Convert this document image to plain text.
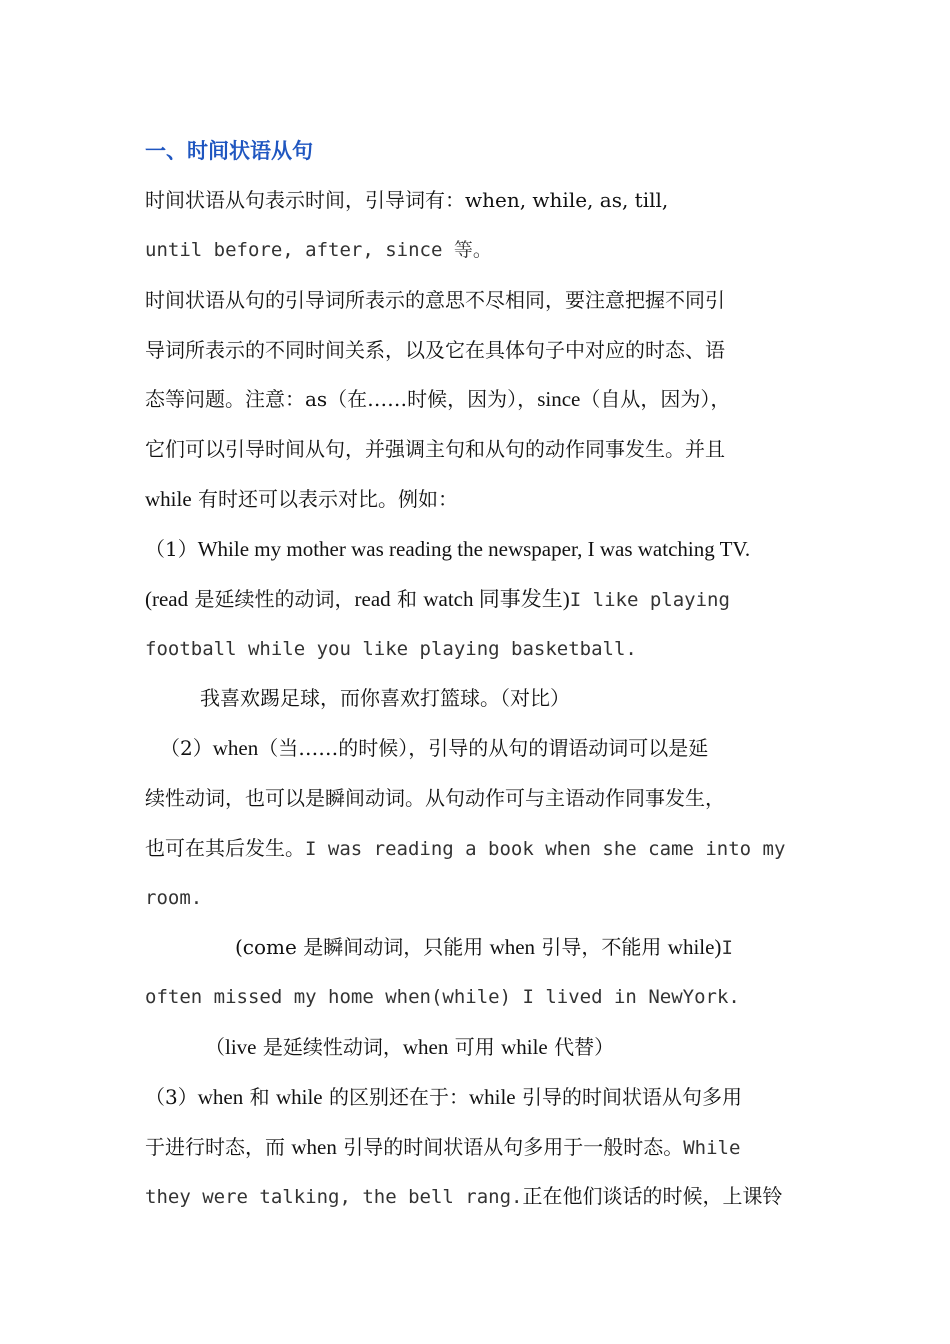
一、时间状语从句
时间状语从句表示时间，引导词有：when, while, as, till,
until before, after, since 等。
时间状语从句的引导词所表示的意思不尽相同，要注意把握不同引
导词所表示的不同时间关系，以及它在具体句子中对应的时态、语
态等问题。注意：as（在……时候，因为），since（自从，因为），
它们可以引导时间从句，并强调主句和从句的动作同事发生。并且
while 有时还可以表示对比。例如：
（1）While my mother was reading the newspaper, I was watching TV.
(read 是延续性的动词，read 和 watch 同事发生)I like playing
football while you like playing basketball.
我喜欢踢足球，而你喜欢打篮球。（对比）
（2）when（当……的时候），引导的从句的谓语动词可以是延
续性动词，也可以是瞬间动词。从句动作可与主语动作同事发生，
也可在其后发生。I was reading a book when she came into my
room.
(come 是瞬间动词，只能用 when 引导，不能用 while)I
often missed my home when(while) I lived in NewYork.
（live 是延续性动词，when 可用 while 代替）
（3）when 和 while 的区别还在于：while 引导的时间状语从句多用
于进行时态，而 when 引导的时间状语从句多用于一般时态。While
they were talking, the bell rang.正在他们谈话的时候，上课铃
